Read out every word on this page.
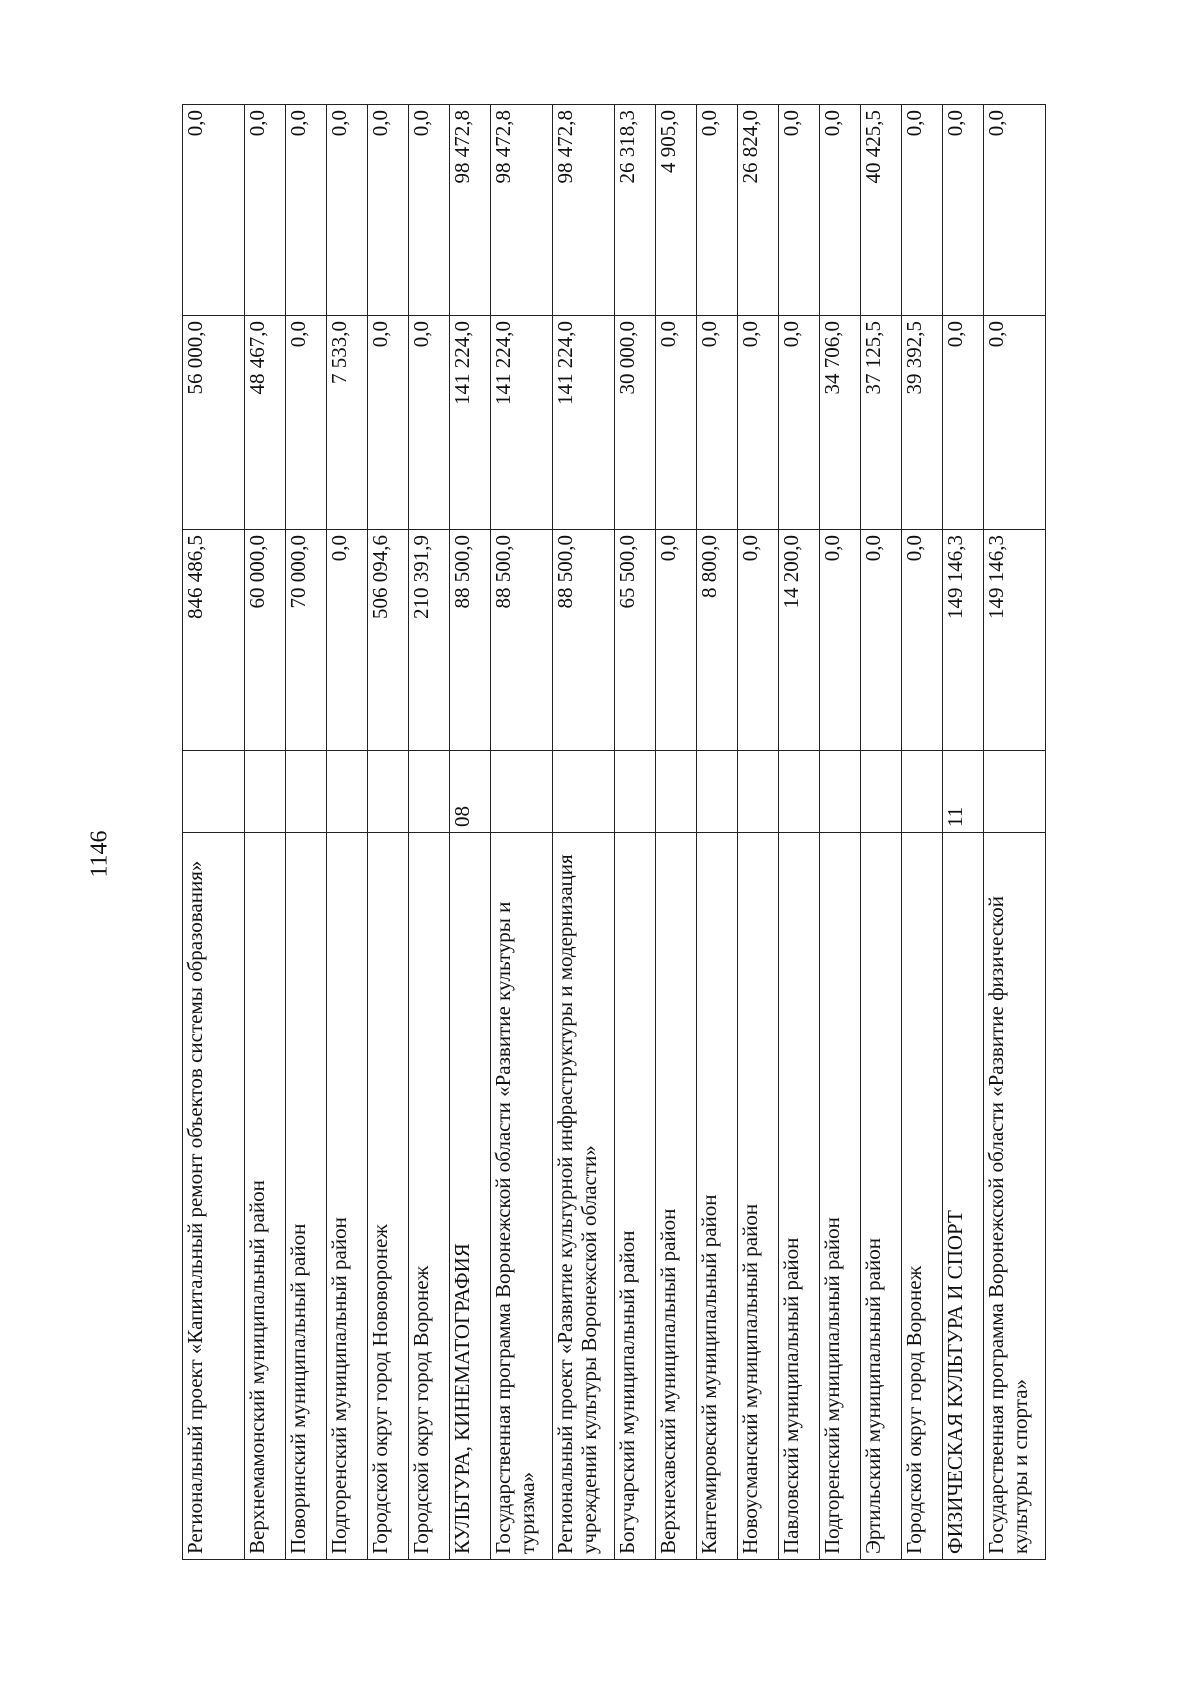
1146
Региональный проект «Капитальный ремонт объектов системы образования»		846 486,5	56 000,0	0,0
Верхнемамонский муниципальный район		60 000,0	48 467,0	0,0
Поворинский муниципальный район		70 000,0	0,0	0,0
Подгоренский муниципальный район		0,0	7 533,0	0,0
Городской округ город Нововоронеж		506 094,6	0,0	0,0
Городской округ город Воронеж		210 391,9	0,0	0,0
КУЛЬТУРА, КИНЕМАТОГРАФИЯ	08	88 500,0	141 224,0	98 472,8
Государственная программа Воронежской области «Развитие культуры и туризма»		88 500,0	141 224,0	98 472,8
Региональный проект «Развитие культурной инфраструктуры и модернизация учреждений культуры Воронежской области»		88 500,0	141 224,0	98 472,8
Богучарский муниципальный район		65 500,0	30 000,0	26 318,3
Верхнехавский муниципальный район		0,0	0,0	4 905,0
Кантемировский муниципальный район		8 800,0	0,0	0,0
Новоусманский муниципальный район		0,0	0,0	26 824,0
Павловский муниципальный район		14 200,0	0,0	0,0
Подгоренский муниципальный район		0,0	34 706,0	0,0
Эртильский муниципальный район		0,0	37 125,5	40 425,5
Городской округ город Воронеж		0,0	39 392,5	0,0
ФИЗИЧЕСКАЯ КУЛЬТУРА И СПОРТ	11	149 146,3	0,0	0,0
Государственная программа Воронежской области «Развитие физической культуры и спорта»		149 146,3	0,0	0,0
